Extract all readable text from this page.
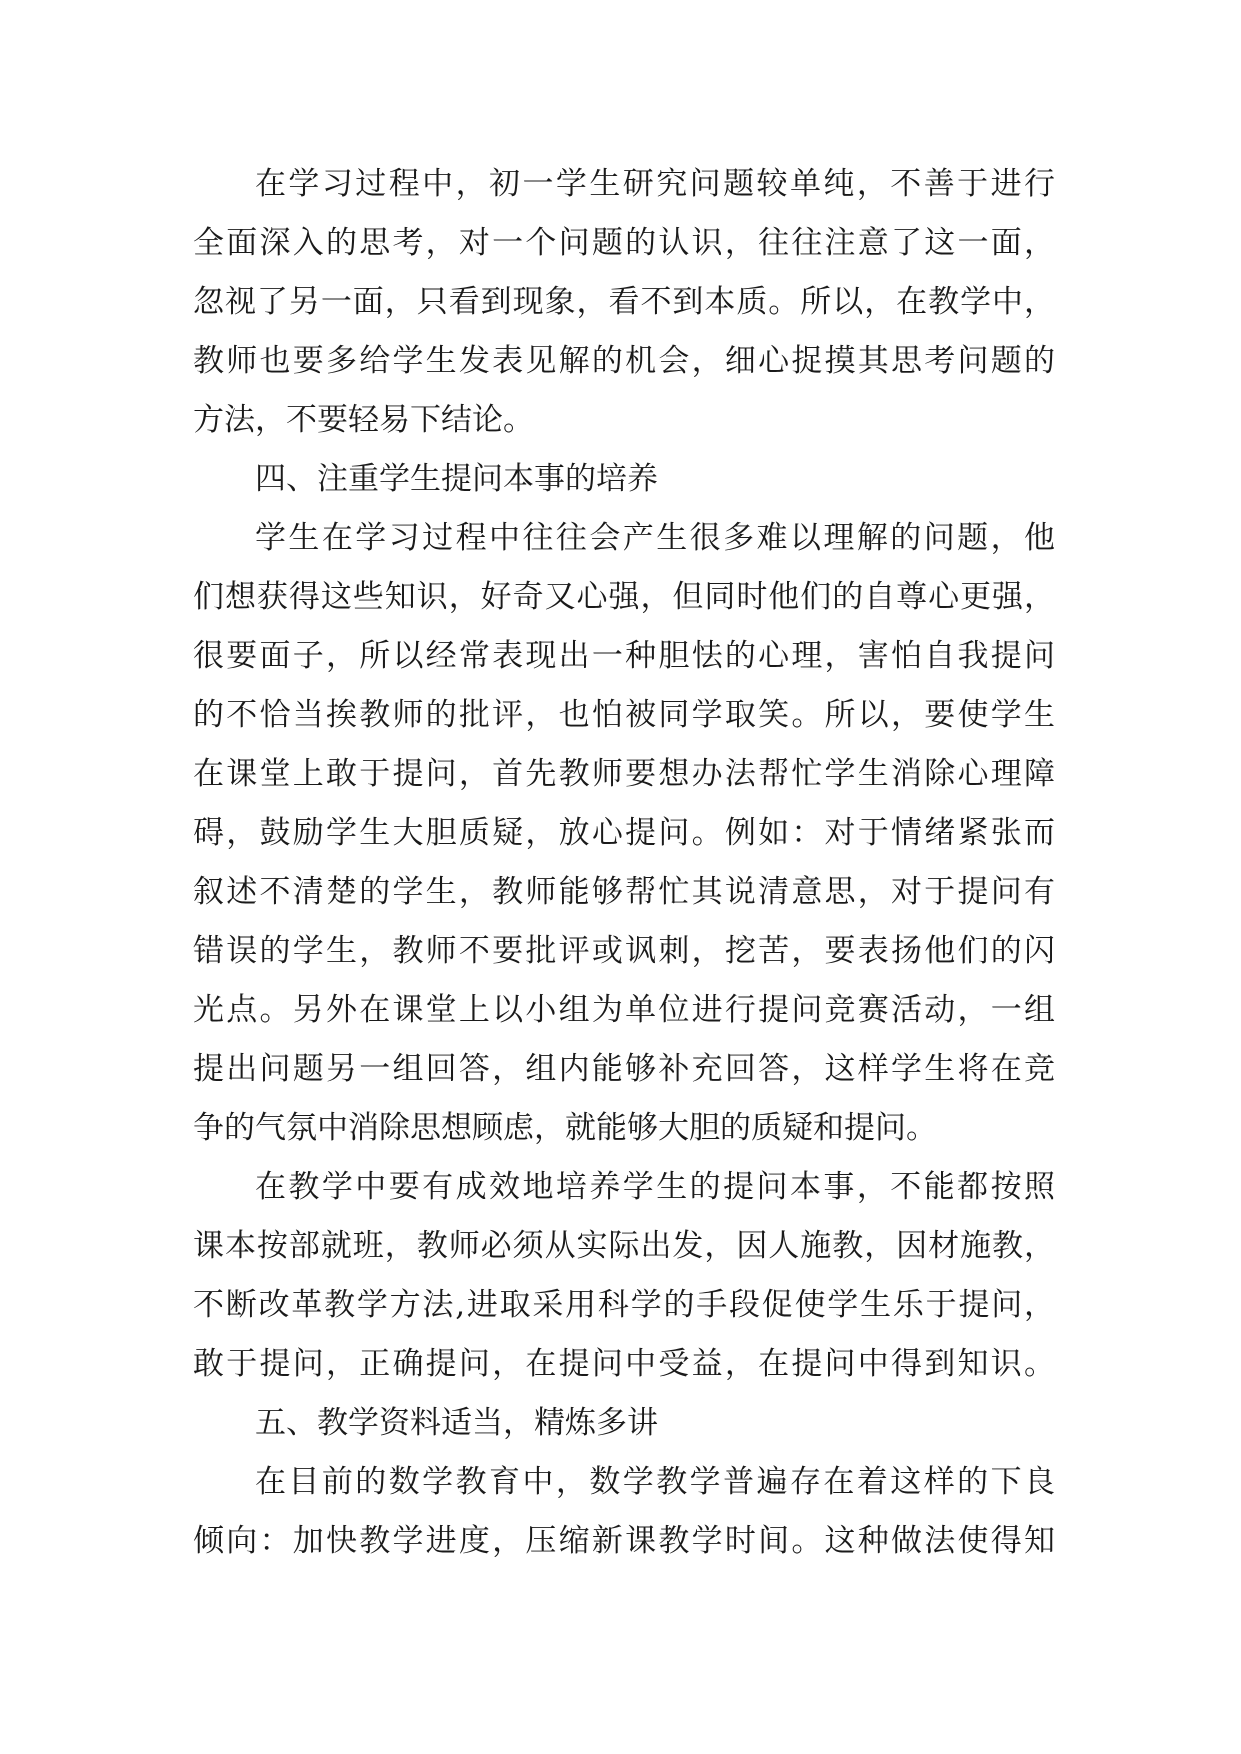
在学习过程中，初一学生研究问题较单纯，不善于进行
全面深入的思考，对一个问题的认识，往往注意了这一面，
忽视了另一面，只看到现象，看不到本质。所以，在教学中，
教师也要多给学生发表见解的机会，细心捉摸其思考问题的
方法，不要轻易下结论。

四、注重学生提问本事的培养

学生在学习过程中往往会产生很多难以理解的问题，他
们想获得这些知识，好奇又心强，但同时他们的自尊心更强，
很要面子，所以经常表现出一种胆怯的心理，害怕自我提问
的不恰当挨教师的批评，也怕被同学取笑。所以，要使学生
在课堂上敢于提问，首先教师要想办法帮忙学生消除心理障
碍，鼓励学生大胆质疑，放心提问。例如：对于情绪紧张而
叙述不清楚的学生，教师能够帮忙其说清意思，对于提问有
错误的学生，教师不要批评或讽刺，挖苦，要表扬他们的闪
光点。另外在课堂上以小组为单位进行提问竞赛活动，一组
提出问题另一组回答，组内能够补充回答，这样学生将在竞
争的气氛中消除思想顾虑，就能够大胆的质疑和提问。

在教学中要有成效地培养学生的提问本事，不能都按照
课本按部就班，教师必须从实际出发，因人施教，因材施教，
不断改革教学方法,进取采用科学的手段促使学生乐于提问，
敢于提问，正确提问，在提问中受益，在提问中得到知识。

五、教学资料适当，精炼多讲

在目前的数学教育中，数学教学普遍存在着这样的下良
倾向：加快教学进度，压缩新课教学时间。这种做法使得知
